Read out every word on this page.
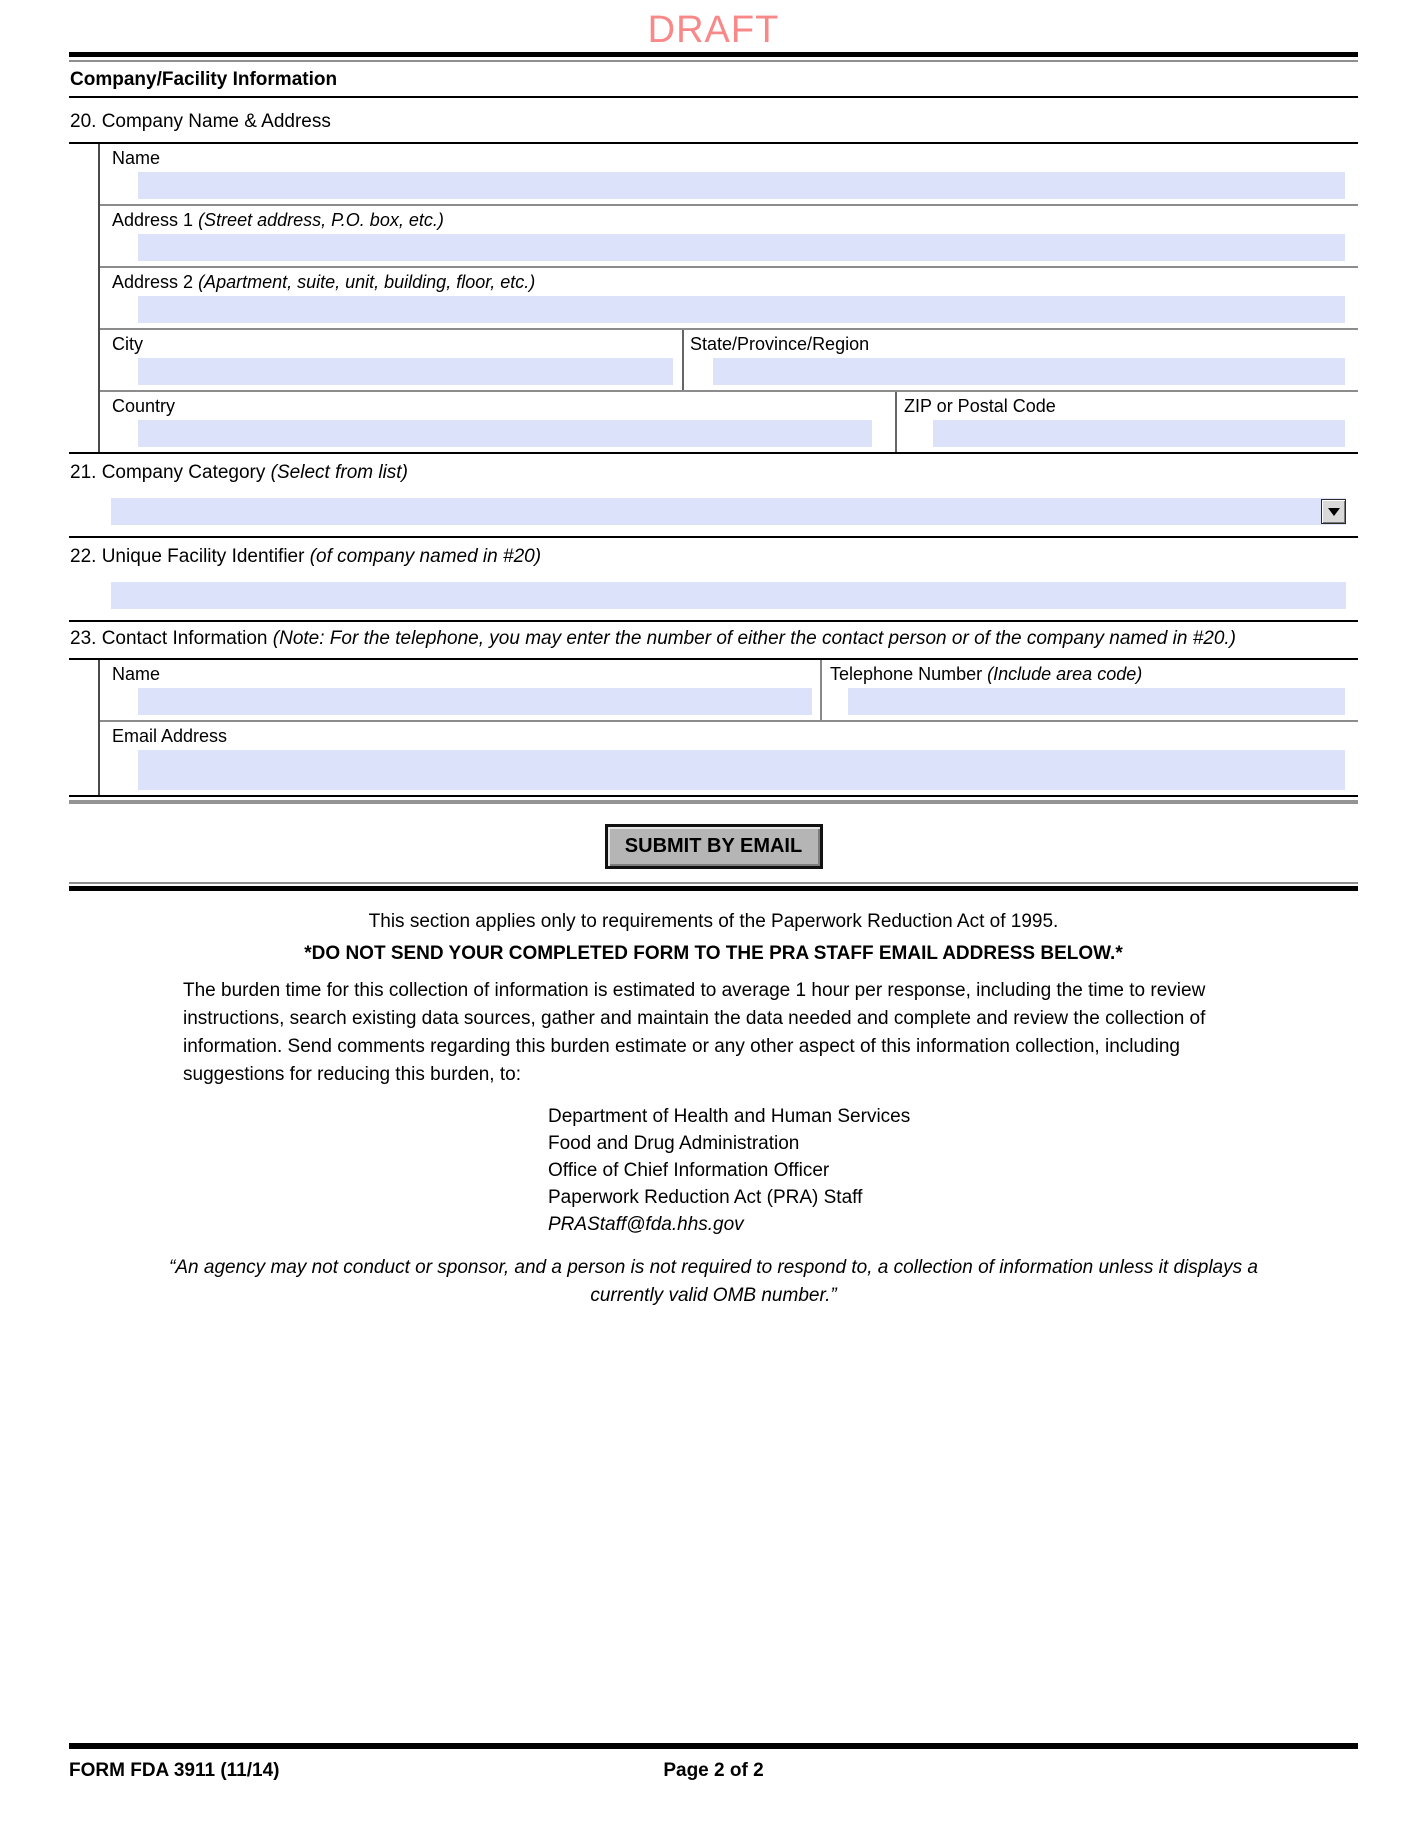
DRAFT
Company/Facility Information
20. Company Name & Address
Name
Address 1 (Street address, P.O. box, etc.)
Address 2 (Apartment, suite, unit, building, floor, etc.)
City	State/Province/Region
Country	ZIP or Postal Code
21. Company Category (Select from list)
22. Unique Facility Identifier (of company named in #20)
23. Contact Information (Note: For the telephone, you may enter the number of either the contact person or of the company named in #20.)
Name	Telephone Number (Include area code)
Email Address
SUBMIT BY EMAIL
This section applies only to requirements of the Paperwork Reduction Act of 1995.
*DO NOT SEND YOUR COMPLETED FORM TO THE PRA STAFF EMAIL ADDRESS BELOW.*
The burden time for this collection of information is estimated to average 1 hour per response, including the time to review instructions, search existing data sources, gather and maintain the data needed and complete and review the collection of information. Send comments regarding this burden estimate or any other aspect of this information collection, including suggestions for reducing this burden, to:
Department of Health and Human Services
Food and Drug Administration
Office of Chief Information Officer
Paperwork Reduction Act (PRA) Staff
PRAStaff@fda.hhs.gov
“An agency may not conduct or sponsor, and a person is not required to respond to, a collection of information unless it displays a currently valid OMB number.”
FORM FDA 3911 (11/14)	Page 2 of 2
